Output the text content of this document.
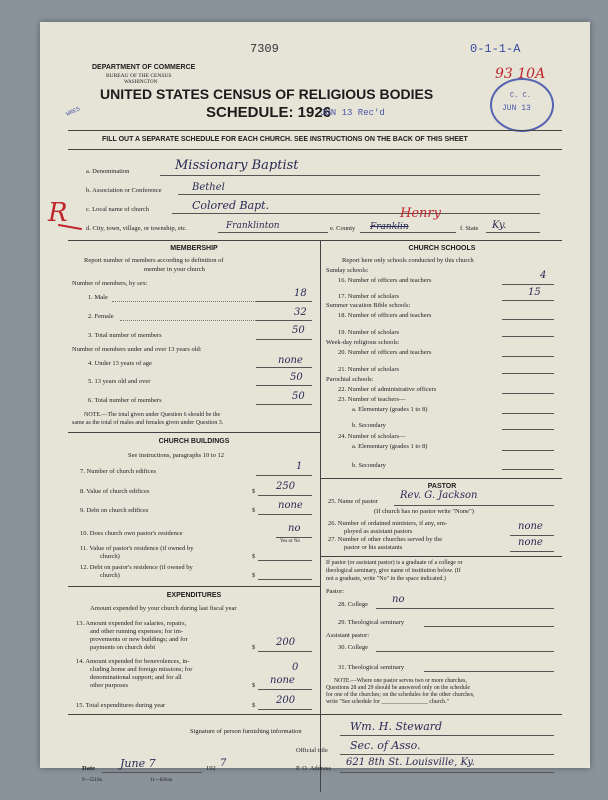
DEPARTMENT OF COMMERCE
BUREAU OF THE CENSUS
WASHINGTON
7309	0-1-1-A
93 10A
WRES
UNITED STATES CENSUS OF RELIGIOUS BODIES
SCHEDULE: 1926
JUN 13 Rec'd
C. C.
JUN 13
FILL OUT A SEPARATE SCHEDULE FOR EACH CHURCH. SEE INSTRUCTIONS ON THE BACK OF THIS SHEET
a. Denomination	Missionary Baptist
b. Association or Conference	Bethel
c. Local name of church	Colored Bapt.
R
d. City, town, village, or township, etc.	Franklinton	e. County Franklin
Henry
f. State Ky.
MEMBERSHIP
Report number of members according to definition of
member in your church
Number of members, by sex:
1. Male	18
2. Female	32
3. Total number of members	50
Number of members under and over 13 years old:
4. Under 13 years of age	none
5. 13 years old and over	50
6. Total number of members	50
NOTE.—The total given under Question 6 should be the
same as the total of males and females given under Question 3.
CHURCH BUILDINGS
See instructions, paragraphs 10 to 12
7. Number of church edifices	1
8. Value of church edifices	$ 250
9. Debt on church edifices	$ none
10. Does church own pastor's residence	no
Yes or No
11. Value of pastor's residence (if owned by
church)	$
12. Debt on pastor's residence (if owned by
church)	$
EXPENDITURES
Amount expended by your church during last fiscal year
13. Amount expended for salaries, repairs,
and other running expenses; for im-
provements or new buildings; and for
payments on church debt	$ 200
14. Amount expended for benevolences, in-
cluding home and foreign missions; for
denominational support; and for all
other purposes	$
0
none
15. Total expenditures during year	$ 200
CHURCH SCHOOLS
Report here only schools conducted by this church
Sunday schools:
16. Number of officers and teachers	4
17. Number of scholars	15
Summer vacation Bible schools:
18. Number of officers and teachers
19. Number of scholars
Week-day religious schools:
20. Number of officers and teachers
21. Number of scholars
Parochial schools:
22. Number of administrative officers
23. Number of teachers—
a. Elementary (grades 1 to 8)
b. Secondary
24. Number of scholars—
a. Elementary (grades 1 to 8)
b. Secondary
PASTOR
25. Name of pastor
Rev. G. Jackson
(If church has no pastor write "None")
26. Number of ordained ministers, if any, em-
ployed as assistant pastors	none
27. Number of other churches served by the
pastor or his assistants	none
If pastor (or assistant pastor) is a graduate of a college or
theological seminary, give name of institution below. (If
not a graduate, write "No" in the space indicated.)
Pastor:
28. College no
29. Theological seminary
Assistant pastor:
30. College
31. Theological seminary
NOTE.—Where one pastor serves two or more churches,
Questions 28 and 29 should be answered only on the schedule
for one of the churches; on the schedules for the other churches,
write "See schedule for ________________ church."
Signature of person furnishing information	Wm. H. Steward
Official title Sec. of Asso.
Date June 7	192 7	P. O. Address
621 8th St. Louisville, Ky.
9—5519a	11—8264a
